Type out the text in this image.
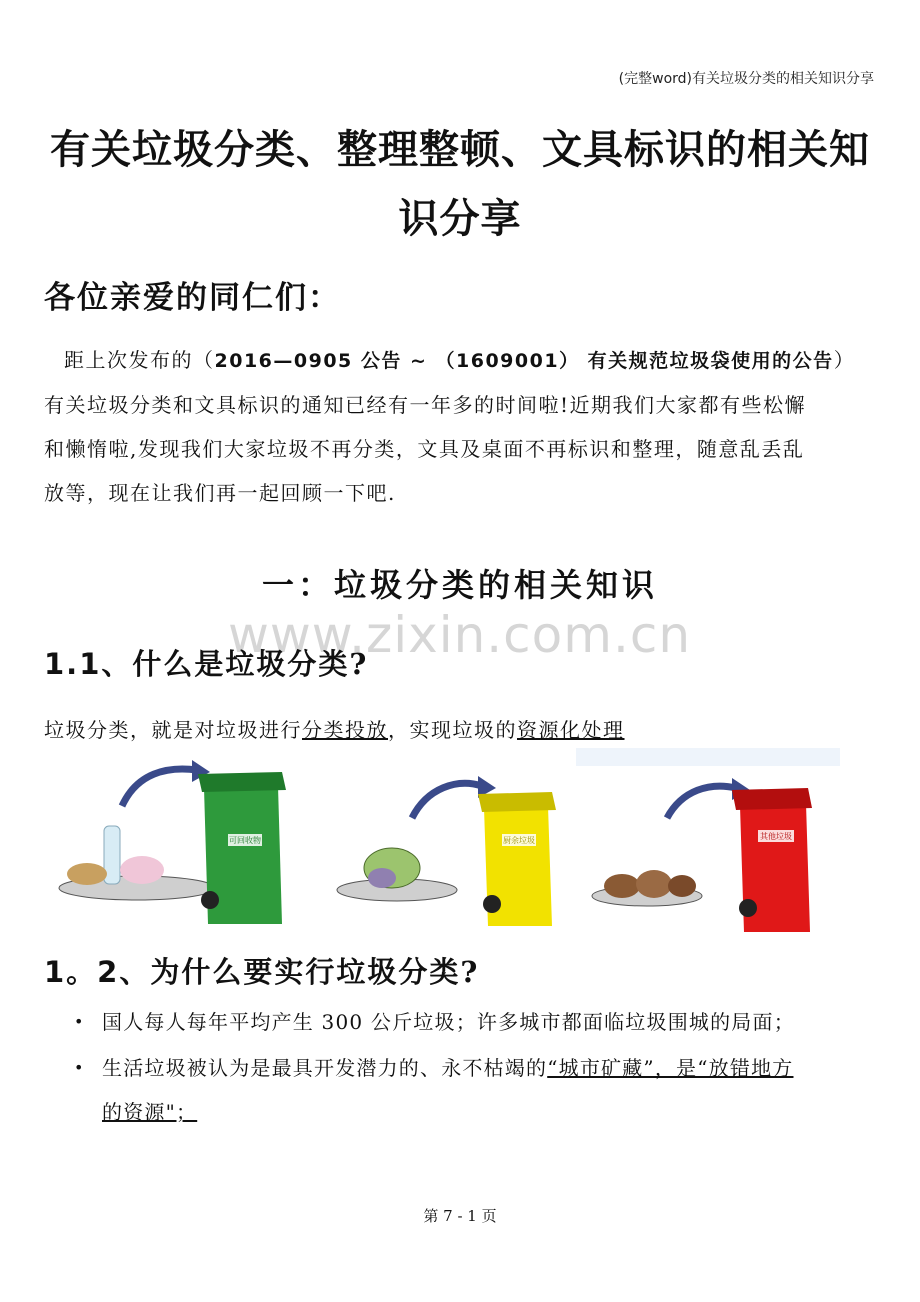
(完整word)有关垃圾分类的相关知识分享
有关垃圾分类、整理整顿、文具标识的相关知
识分享
各位亲爱的同仁们：
距上次发布的（2016—0905 公告 ~ （1609001） 有关规范垃圾袋使用的公告）
有关垃圾分类和文具标识的通知已经有一年多的时间啦!近期我们大家都有些松懈
和懒惰啦,发现我们大家垃圾不再分类，文具及桌面不再标识和整理，随意乱丢乱
放等，现在让我们再一起回顾一下吧.
一：垃圾分类的相关知识
www.zixin.com.cn
1.1、什么是垃圾分类?
垃圾分类，就是对垃圾进行分类投放，实现垃圾的资源化处理
可回收物	厨余垃圾	其他垃圾
1。2、为什么要实行垃圾分类?
• 国人每人每年平均产生 300 公斤垃圾；许多城市都面临垃圾围城的局面；
• 生活垃圾被认为是最具开发潜力的、永不枯竭的“城市矿藏”，是“放错地方
的资源"；
第 7 - 1 页
